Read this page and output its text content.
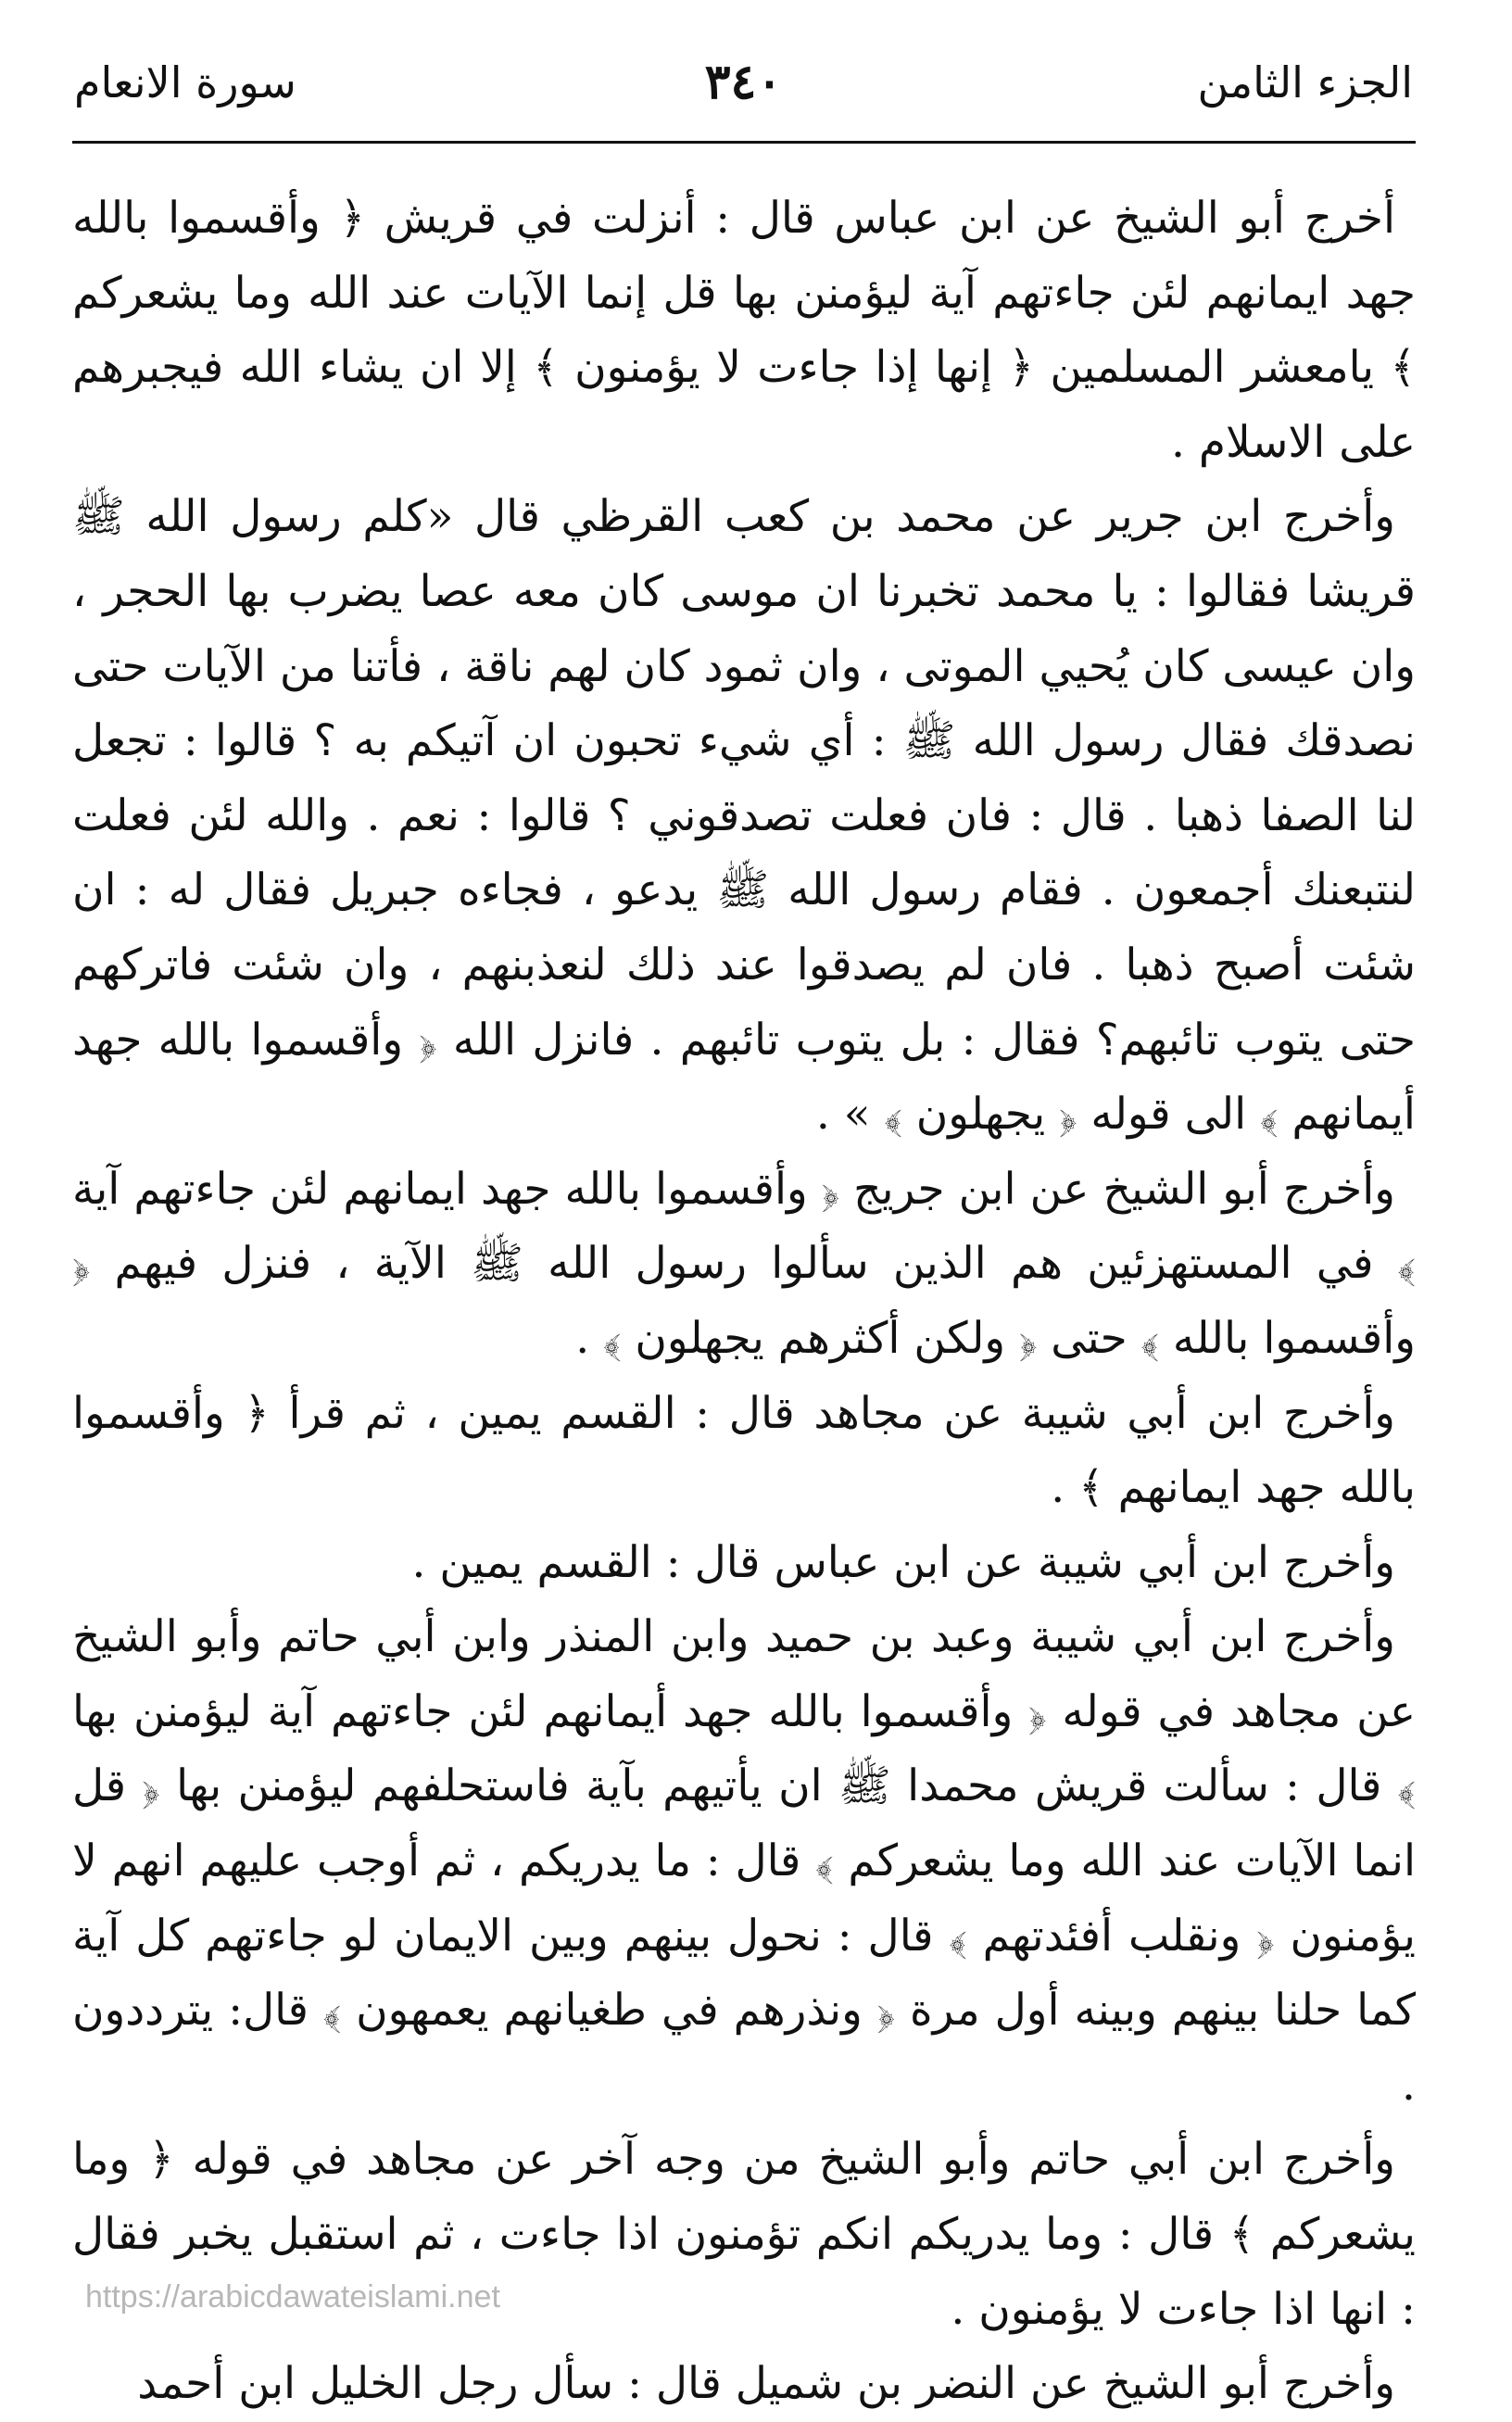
الجزء الثامن
٣٤٠
سورة الانعام

أخرج أبو الشيخ عن ابن عباس قال : أنزلت في قريش ﴿ وأقسموا بالله جهد ايمانهم لئن جاءتهم آية ليؤمنن بها قل إنما الآيات عند الله وما يشعركم ﴾ يامعشر المسلمين ﴿ إنها إذا جاءت لا يؤمنون ﴾ إلا ان يشاء الله فيجبرهم على الاسلام .

وأخرج ابن جرير عن محمد بن كعب القرظي قال «كلم رسول الله ﷺ قريشا فقالوا : يا محمد تخبرنا ان موسى كان معه عصا يضرب بها الحجر ، وان عيسى كان يُحيي الموتى ، وان ثمود كان لهم ناقة ، فأتنا من الآيات حتى نصدقك فقال رسول الله ﷺ : أي شيء تحبون ان آتيكم به ؟ قالوا : تجعل لنا الصفا ذهبا . قال : فان فعلت تصدقوني ؟ قالوا : نعم . والله لئن فعلت لنتبعنك أجمعون . فقام رسول الله ﷺ يدعو ، فجاءه جبريل فقال له : ان شئت أصبح ذهبا . فان لم يصدقوا عند ذلك لنعذبنهم ، وان شئت فاتركهم حتى يتوب تائبهم؟ فقال : بل يتوب تائبهم . فانزل الله ﴿ وأقسموا بالله جهد أيمانهم ﴾ الى قوله ﴿ يجهلون ﴾ » .

وأخرج أبو الشيخ عن ابن جريج ﴿ وأقسموا بالله جهد ايمانهم لئن جاءتهم آية ﴾ في المستهزئين هم الذين سألوا رسول الله ﷺ الآية ، فنزل فيهم ﴿ وأقسموا بالله ﴾ حتى ﴿ ولكن أكثرهم يجهلون ﴾ .

وأخرج ابن أبي شيبة عن مجاهد قال : القسم يمين ، ثم قرأ ﴿ وأقسموا بالله جهد ايمانهم ﴾ .

وأخرج ابن أبي شيبة عن ابن عباس قال : القسم يمين .

وأخرج ابن أبي شيبة وعبد بن حميد وابن المنذر وابن أبي حاتم وأبو الشيخ عن مجاهد في قوله ﴿ وأقسموا بالله جهد أيمانهم لئن جاءتهم آية ليؤمنن بها ﴾ قال : سألت قريش محمدا ﷺ ان يأتيهم بآية فاستحلفهم ليؤمنن بها ﴿ قل انما الآيات عند الله وما يشعركم ﴾ قال : ما يدريكم ، ثم أوجب عليهم انهم لا يؤمنون ﴿ ونقلب أفئدتهم ﴾ قال : نحول بينهم وبين الايمان لو جاءتهم كل آية كما حلنا بينهم وبينه أول مرة ﴿ ونذرهم في طغيانهم يعمهون ﴾ قال: يترددون .

وأخرج ابن أبي حاتم وأبو الشيخ من وجه آخر عن مجاهد في قوله ﴿ وما يشعركم ﴾ قال : وما يدريكم انكم تؤمنون اذا جاءت ، ثم استقبل يخبر فقال : انها اذا جاءت لا يؤمنون .

وأخرج أبو الشيخ عن النضر بن شميل قال : سأل رجل الخليل ابن أحمد

https://arabicdawateislami.net
